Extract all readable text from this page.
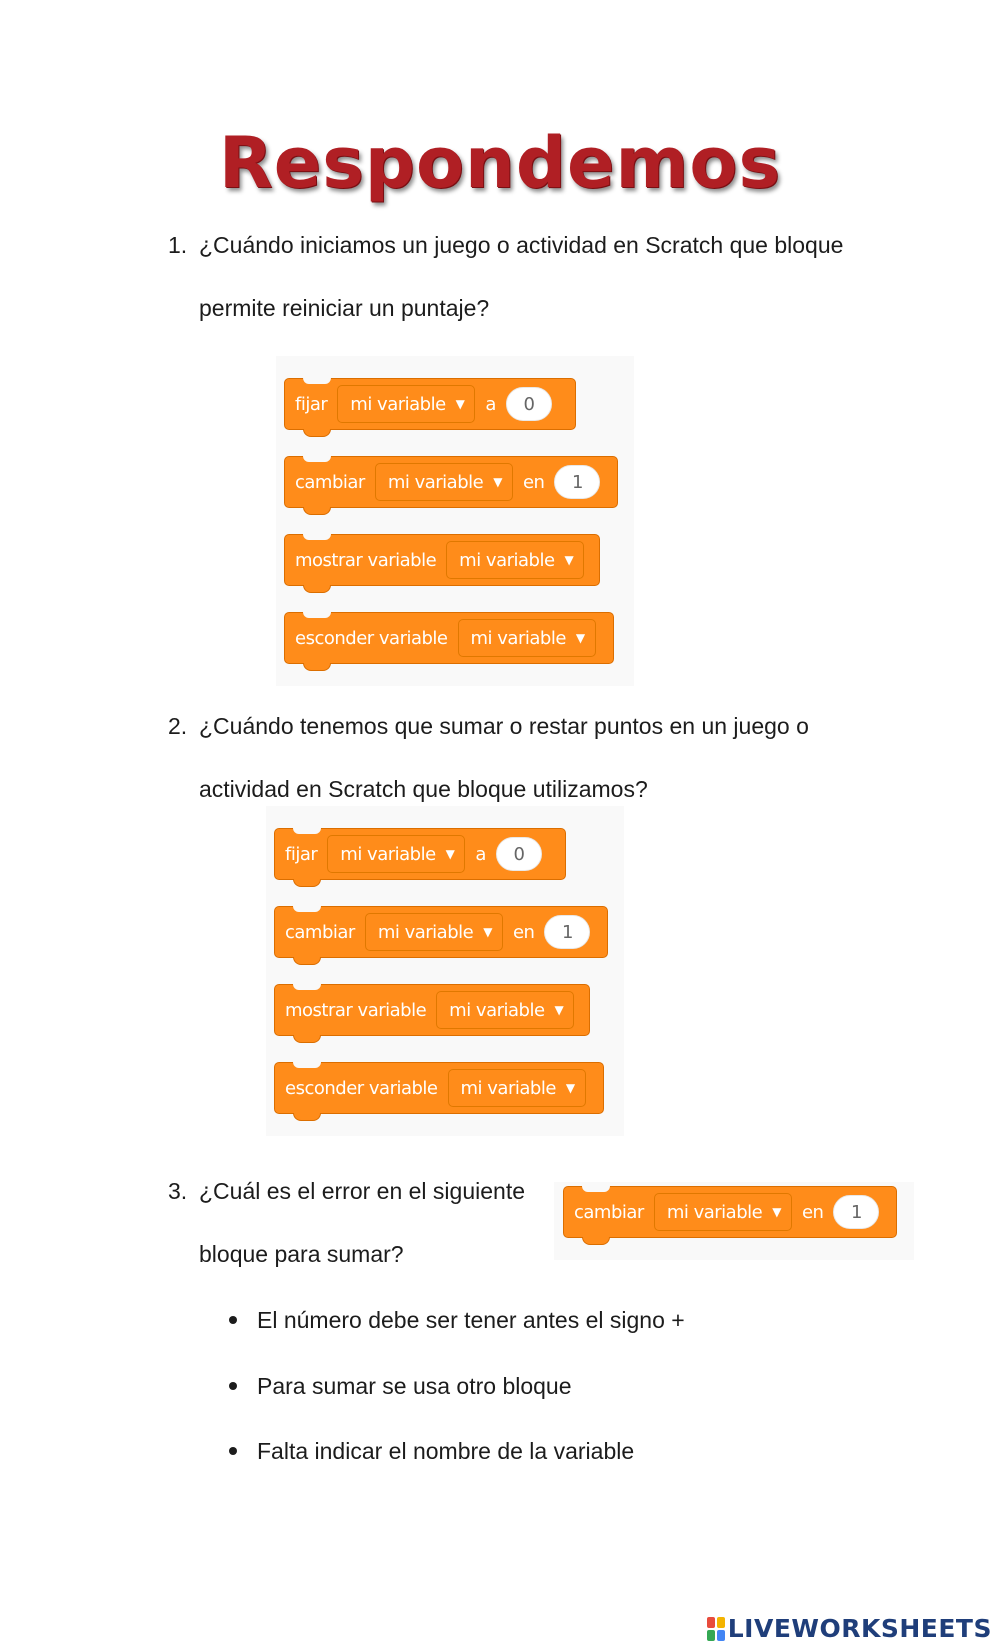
Respondemos
1. ¿Cuándo iniciamos un juego o actividad en Scratch que bloque
permite reiniciar un puntaje?
fijar mi variable ▼ a	0
cambiar mi variable ▼ en	1
mostrar variable mi variable ▼
esconder variable mi variable ▼
2. ¿Cuándo tenemos que sumar o restar puntos en un juego o
actividad en Scratch que bloque utilizamos?
fijar mi variable ▼ a	0
cambiar mi variable ▼ en	1
mostrar variable mi variable ▼
esconder variable mi variable ▼
3. ¿Cuál es el error en el siguiente
bloque para sumar?
cambiar mi variable ▼ en	1
El número debe ser tener antes el signo +
Para sumar se usa otro bloque
Falta indicar el nombre de la variable
LIVEWORKSHEETS
